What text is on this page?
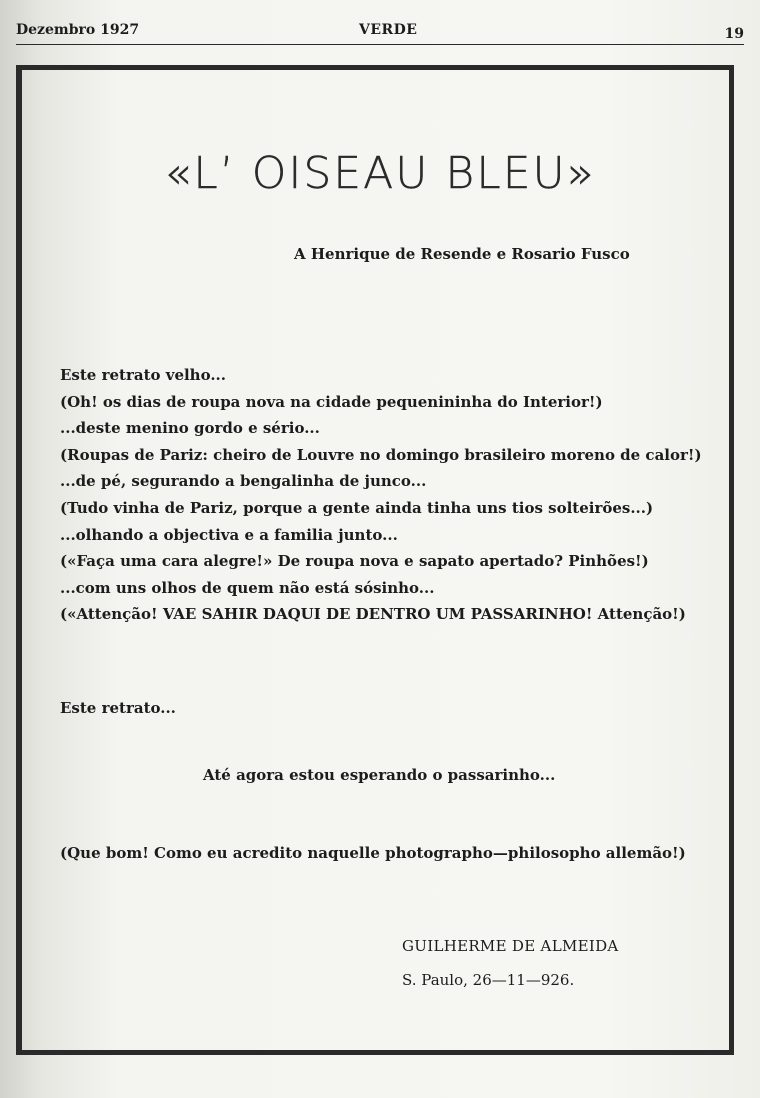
Dezembro 1927	VERDE	19
«L’ OISEAU BLEU»
A Henrique de Resende e Rosario Fusco
Este retrato velho...
(Oh! os dias de roupa nova na cidade pequenininha do Interior!)
...deste menino gordo e sério...
(Roupas de Pariz: cheiro de Louvre no domingo brasileiro moreno de calor!)
...de pé, segurando a bengalinha de junco...
(Tudo vinha de Pariz, porque a gente ainda tinha uns tios solteirões...)
...olhando a objectiva e a familia junto...
(«Faça uma cara alegre!» De roupa nova e sapato apertado? Pinhões!)
...com uns olhos de quem não está sósinho...
(«Attenção! VAE SAHIR DAQUI DE DENTRO UM PASSARINHO! Attenção!)
Este retrato...
Até agora estou esperando o passarinho...
(Que bom! Como eu acredito naquelle photographo—philosopho allemão!)
GUILHERME DE ALMEIDA
S. Paulo, 26—11—926.
